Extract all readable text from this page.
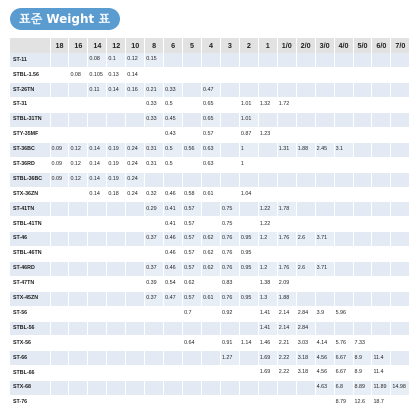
표준 Weight 표
	18	16	14	12	10	8	6	5	4	3	2	1	1/0	2/0	3/0	4/0	5/0	6/0	7/0	
ST-11			0.08	0.1	0.12	0.15														
STBL-1.56		0.08	0.105	0.13	0.14															
ST-26TN			0.11	0.14	0.16	0.21	0.33		0.47											
ST-31						0.33	0.5		0.65		1.01	1.32	1.72							
STBL-31TN						0.33	0.45		0.65		1.01									
STY-35MF							0.43		0.57		0.87	1.23								
ST-36BC	0.09	0.12	0.14	0.19	0.24	0.31	0.5	0.56	0.63		1		1.31	1.88	2.45	3.1				
ST-36RD	0.09	0.12	0.14	0.19	0.24	0.31	0.5		0.63		1									
STBL-36BC	0.09	0.12	0.14	0.19	0.24															
STX-36ZN			0.14	0.18	0.24	0.32	0.46	0.58	0.61		1.04									
ST-41TN						0.29	0.41	0.57		0.75		1.22	1.78							
STBL-41TN							0.41	0.57		0.75		1.22								
ST-46						0.37	0.46	0.57	0.62	0.76	0.95	1.2	1.76	2.6	3.71					
STBL-46TN							0.46	0.57	0.62	0.76	0.95									
ST-46RD						0.37	0.46	0.57	0.62	0.76	0.95	1.2	1.76	2.6	3.71					
ST-47TN						0.39	0.54	0.62		0.83		1.38	2.09							
STX-45ZN						0.37	0.47	0.57	0.61	0.76	0.95	1.3	1.88							
ST-56								0.7		0.92		1.41	2.14	2.84	3.9	5.96				
STBL-56												1.41	2.14	2.84						
STX-56								0.64		0.91	1.14	1.46	2.21	3.03	4.14	5.76	7.33			
ST-66										1.27		1.69	2.22	3.18	4.56	6.67	8.9	11.4		
STBL-66												1.69	2.22	3.18	4.56	6.67	8.9	11.4		
STX-68															4.63	6.8	8.89	11.89	14.98	
ST-76																8.79	12.6	18.7		
